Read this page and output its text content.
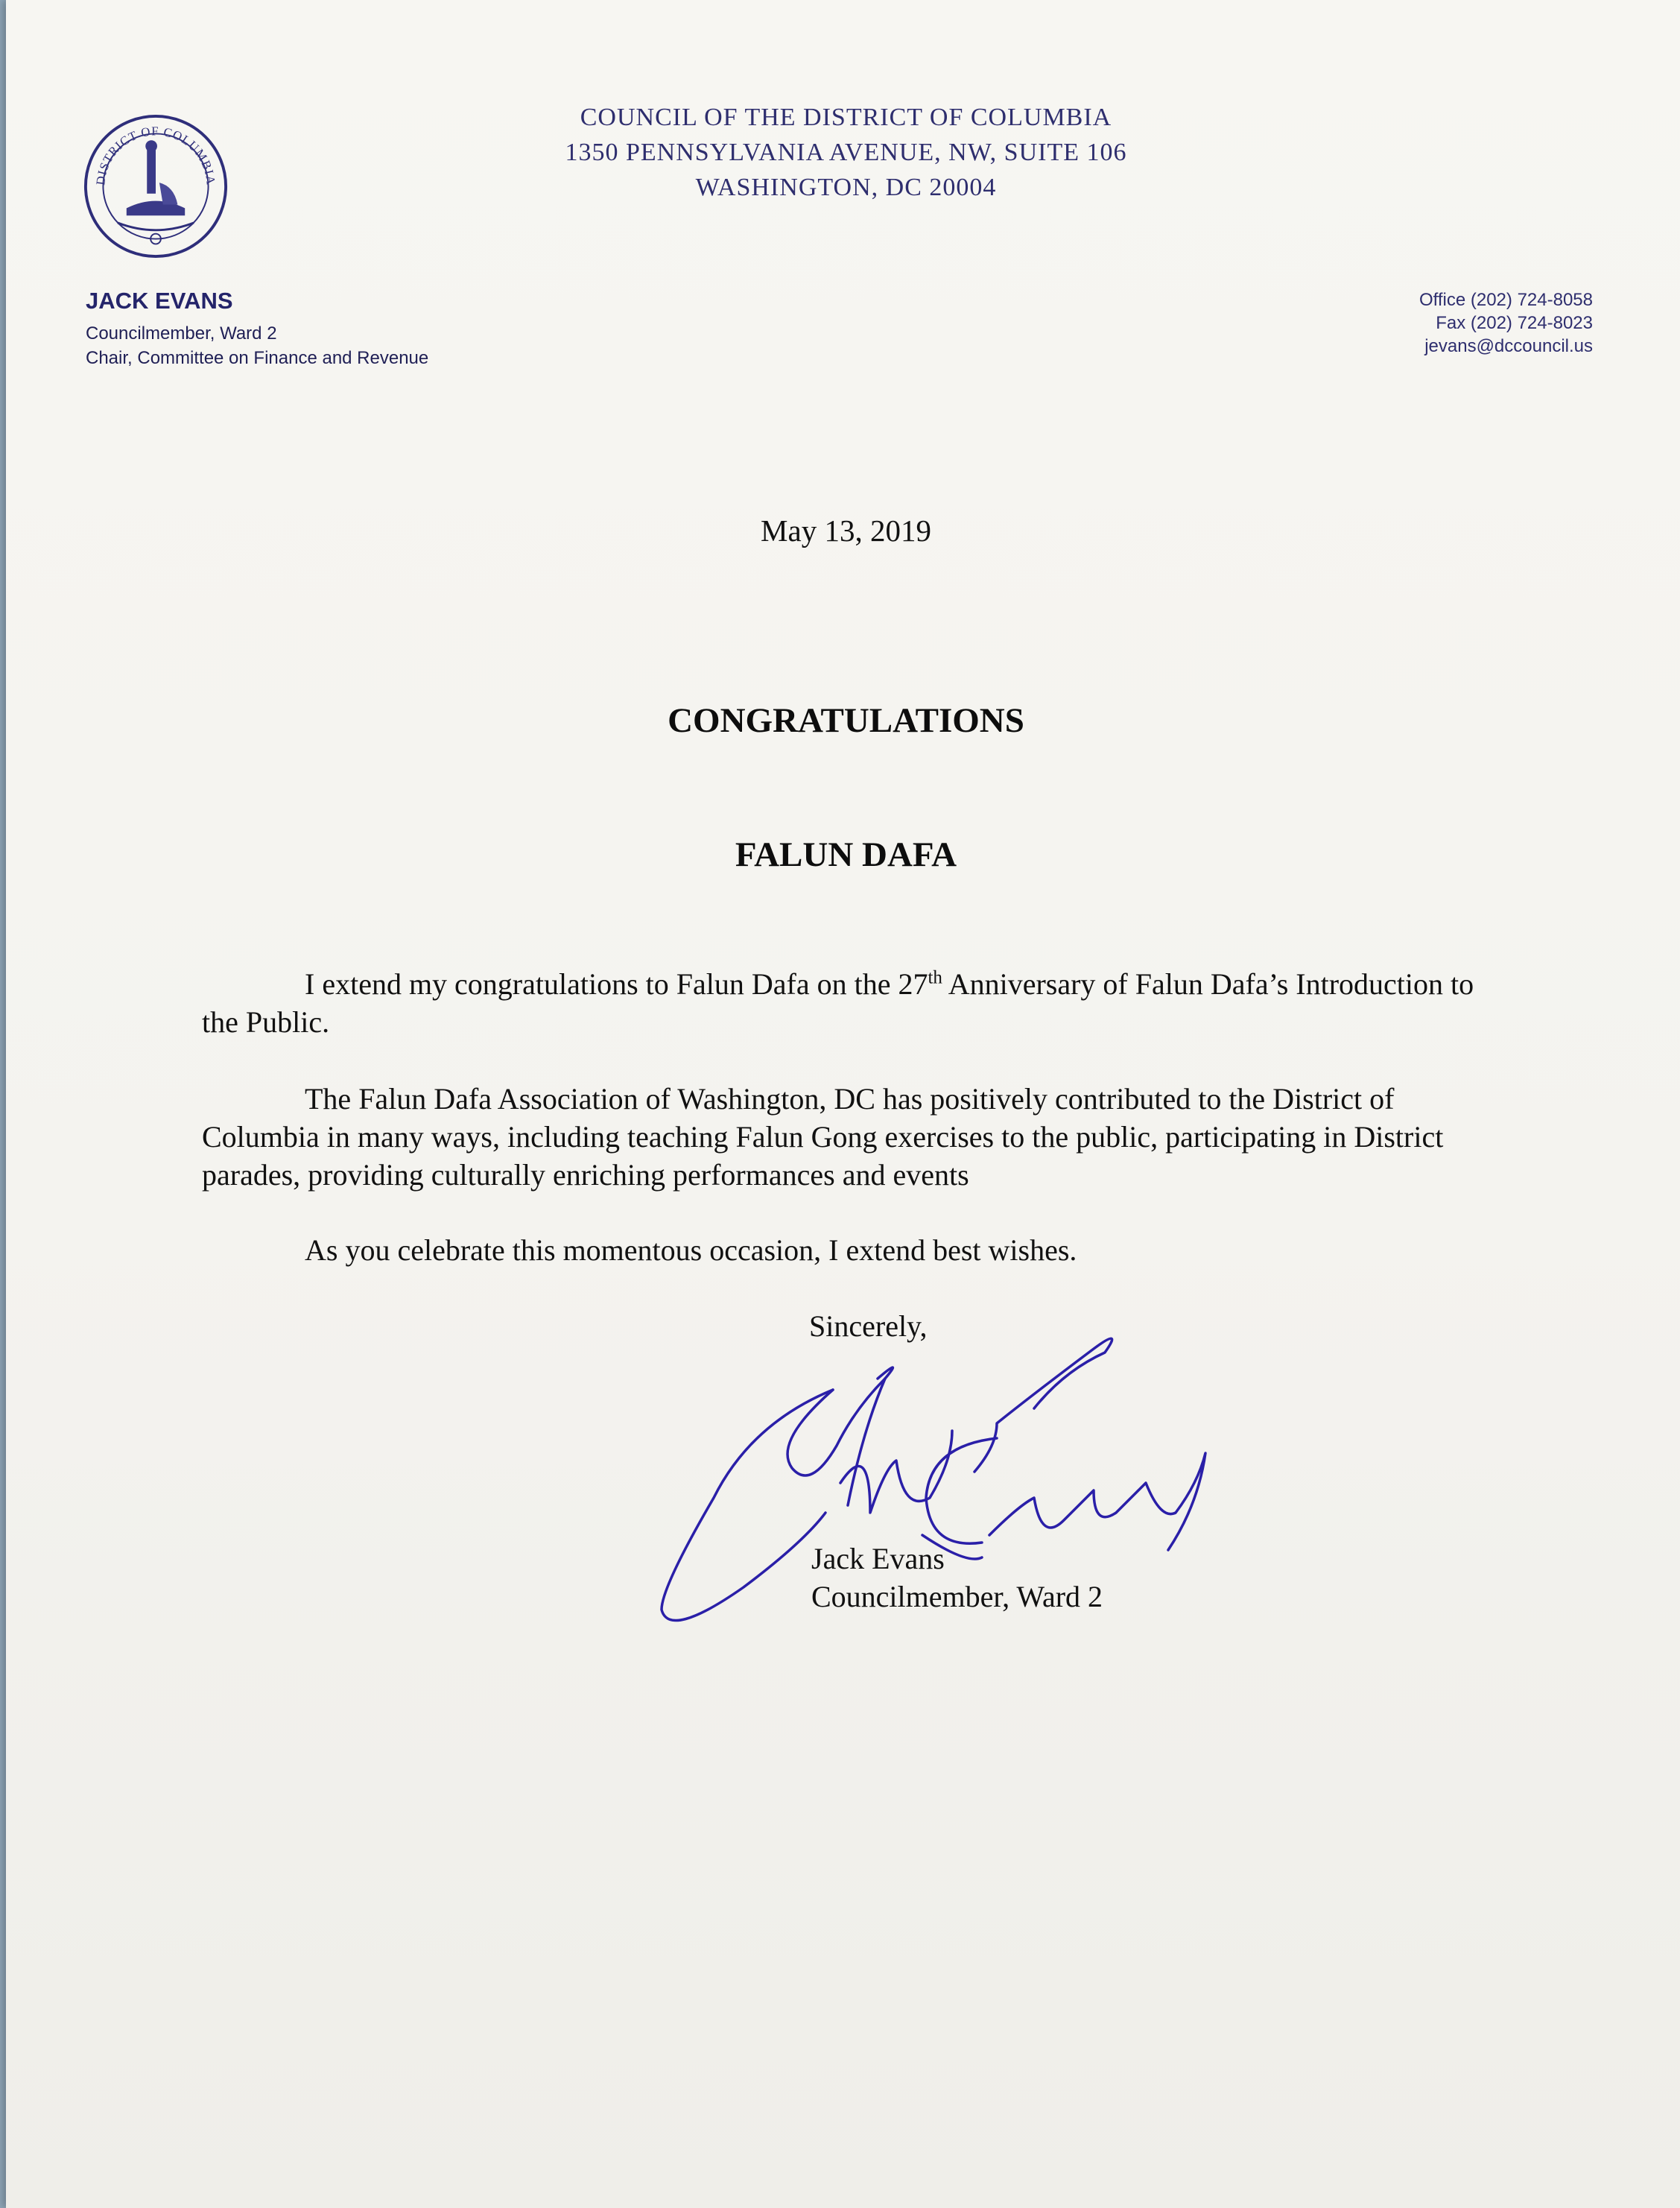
DISTRICT OF COLUMBIA
COUNCIL OF THE DISTRICT OF COLUMBIA
1350 PENNSYLVANIA AVENUE, NW, SUITE 106
WASHINGTON, DC 20004
JACK EVANS
Councilmember, Ward 2
Chair, Committee on Finance and Revenue
Office (202) 724-8058
Fax (202) 724-8023
jevans@dccouncil.us
May 13, 2019
CONGRATULATIONS
FALUN DAFA
I extend my congratulations to Falun Dafa on the 27th Anniversary of Falun Dafa’s Introduction to the Public.
The Falun Dafa Association of Washington, DC has positively contributed to the District of Columbia in many ways, including teaching Falun Gong exercises to the public, participating in District parades, providing culturally enriching performances and events
As you celebrate this momentous occasion, I extend best wishes.
Sincerely,
Jack Evans
Councilmember, Ward 2
